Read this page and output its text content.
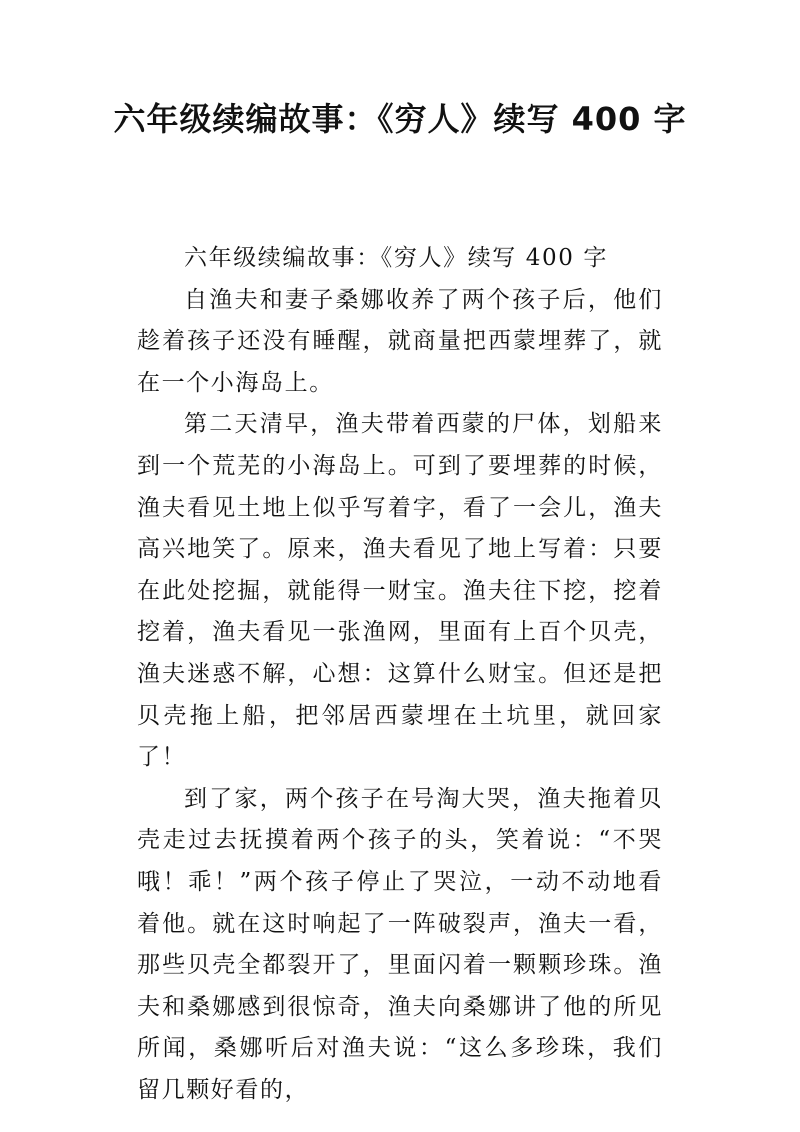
六年级续编故事：《穷人》续写 400 字

六年级续编故事：《穷人》续写 400 字

自渔夫和妻子桑娜收养了两个孩子后，他们趁着孩子还没有睡醒，就商量把西蒙埋葬了，就在一个小海岛上。

第二天清早，渔夫带着西蒙的尸体，划船来到一个荒芜的小海岛上。可到了要埋葬的时候，渔夫看见土地上似乎写着字，看了一会儿，渔夫高兴地笑了。原来，渔夫看见了地上写着：只要在此处挖掘，就能得一财宝。渔夫往下挖，挖着挖着，渔夫看见一张渔网，里面有上百个贝壳，渔夫迷惑不解，心想：这算什么财宝。但还是把贝壳拖上船，把邻居西蒙埋在土坑里，就回家了！

到了家，两个孩子在号淘大哭，渔夫拖着贝壳走过去抚摸着两个孩子的头，笑着说：“不哭哦！乖！”两个孩子停止了哭泣，一动不动地看着他。就在这时响起了一阵破裂声，渔夫一看，那些贝壳全都裂开了，里面闪着一颗颗珍珠。渔夫和桑娜感到很惊奇，渔夫向桑娜讲了他的所见所闻，桑娜听后对渔夫说：“这么多珍珠，我们留几颗好看的，
